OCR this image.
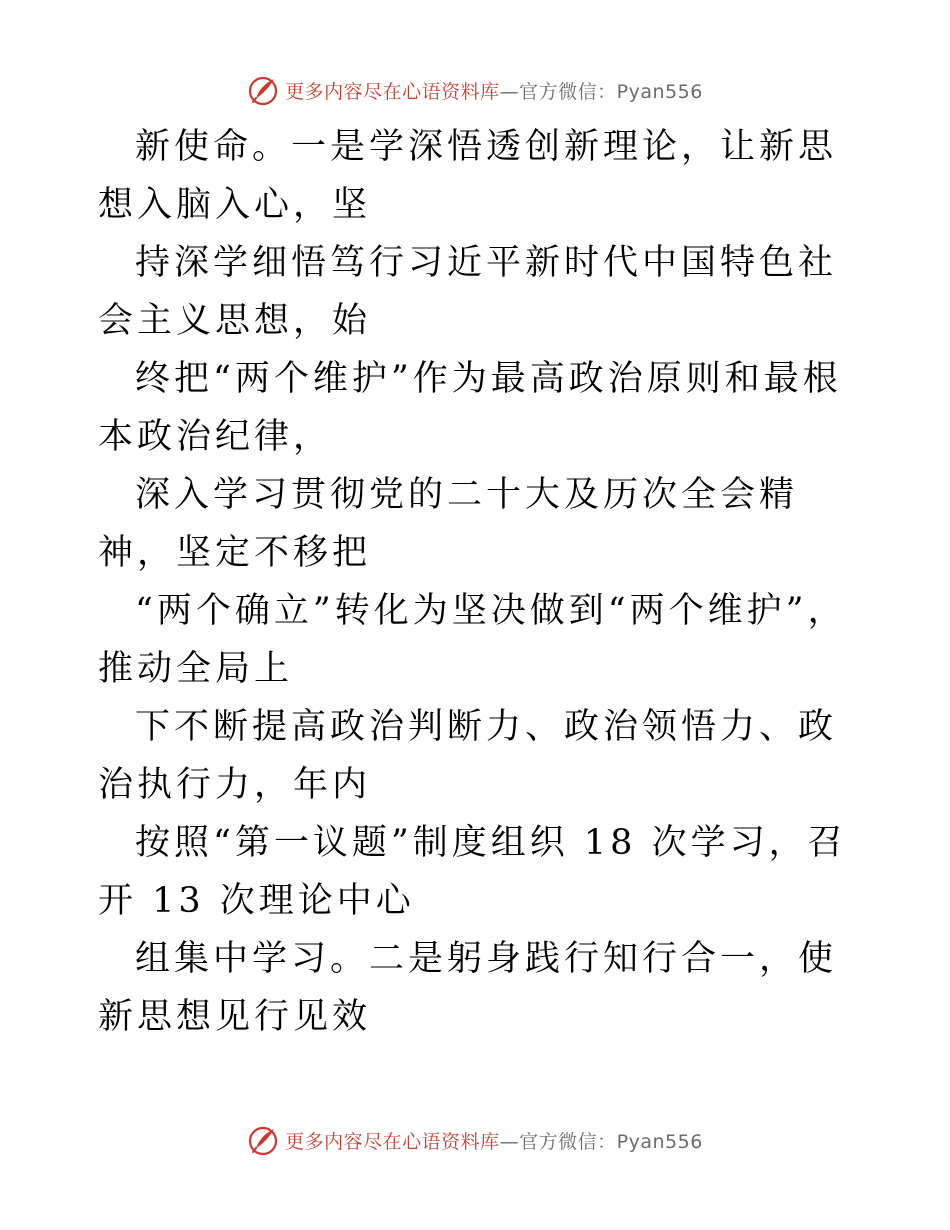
更多内容尽在心语资料库—官方微信：Pyan556

新使命。一是学深悟透创新理论，让新思想入脑入心，坚

持深学细悟笃行习近平新时代中国特色社会主义思想，始

终把“两个维护”作为最高政治原则和最根本政治纪律，

深入学习贯彻党的二十大及历次全会精神，坚定不移把

“两个确立”转化为坚决做到“两个维护”，推动全局上

下不断提高政治判断力、政治领悟力、政治执行力，年内

按照“第一议题”制度组织 18 次学习，召开 13 次理论中心

组集中学习。二是躬身践行知行合一，使新思想见行见效

更多内容尽在心语资料库—官方微信：Pyan556
